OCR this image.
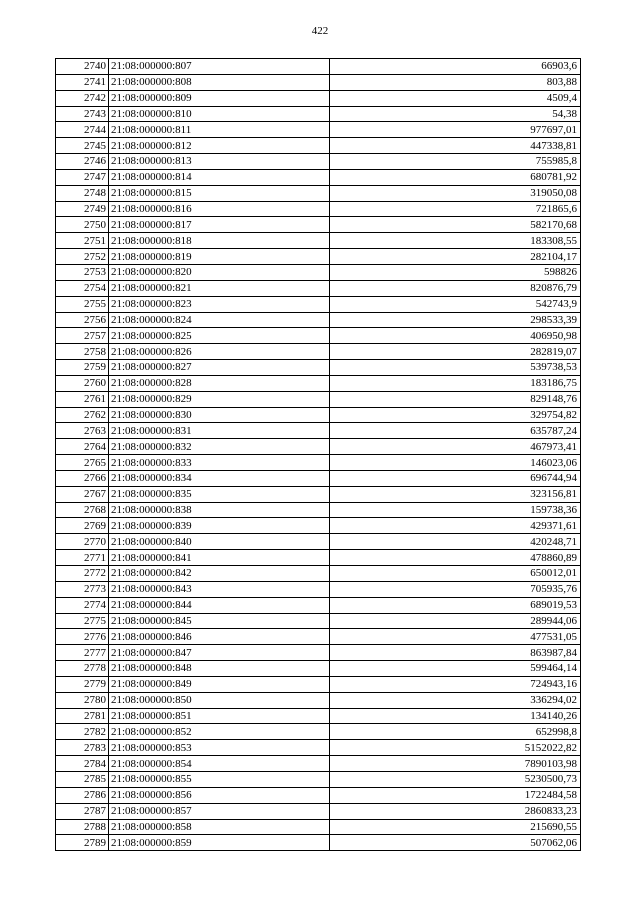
422
2740	21:08:000000:807	66903,6
2741	21:08:000000:808	803,88
2742	21:08:000000:809	4509,4
2743	21:08:000000:810	54,38
2744	21:08:000000:811	977697,01
2745	21:08:000000:812	447338,81
2746	21:08:000000:813	755985,8
2747	21:08:000000:814	680781,92
2748	21:08:000000:815	319050,08
2749	21:08:000000:816	721865,6
2750	21:08:000000:817	582170,68
2751	21:08:000000:818	183308,55
2752	21:08:000000:819	282104,17
2753	21:08:000000:820	598826
2754	21:08:000000:821	820876,79
2755	21:08:000000:823	542743,9
2756	21:08:000000:824	298533,39
2757	21:08:000000:825	406950,98
2758	21:08:000000:826	282819,07
2759	21:08:000000:827	539738,53
2760	21:08:000000:828	183186,75
2761	21:08:000000:829	829148,76
2762	21:08:000000:830	329754,82
2763	21:08:000000:831	635787,24
2764	21:08:000000:832	467973,41
2765	21:08:000000:833	146023,06
2766	21:08:000000:834	696744,94
2767	21:08:000000:835	323156,81
2768	21:08:000000:838	159738,36
2769	21:08:000000:839	429371,61
2770	21:08:000000:840	420248,71
2771	21:08:000000:841	478860,89
2772	21:08:000000:842	650012,01
2773	21:08:000000:843	705935,76
2774	21:08:000000:844	689019,53
2775	21:08:000000:845	289944,06
2776	21:08:000000:846	477531,05
2777	21:08:000000:847	863987,84
2778	21:08:000000:848	599464,14
2779	21:08:000000:849	724943,16
2780	21:08:000000:850	336294,02
2781	21:08:000000:851	134140,26
2782	21:08:000000:852	652998,8
2783	21:08:000000:853	5152022,82
2784	21:08:000000:854	7890103,98
2785	21:08:000000:855	5230500,73
2786	21:08:000000:856	1722484,58
2787	21:08:000000:857	2860833,23
2788	21:08:000000:858	215690,55
2789	21:08:000000:859	507062,06
